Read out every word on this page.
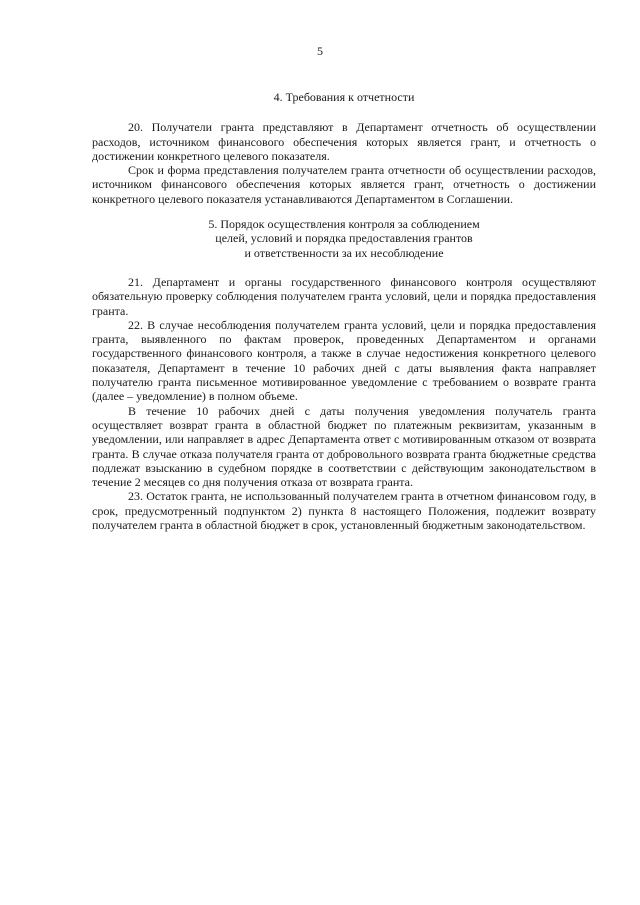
5

4. Требования к отчетности

20. Получатели гранта представляют в Департамент отчетность об осуществлении расходов, источником финансового обеспечения которых является грант, и отчетность о достижении конкретного целевого показателя.

Срок и форма представления получателем гранта отчетности об осуществлении расходов, источником финансового обеспечения которых является грант, отчетность о достижении конкретного целевого показателя устанавливаются Департаментом в Соглашении.

5. Порядок осуществления контроля за соблюдением
целей, условий и порядка предоставления грантов
и ответственности за их несоблюдение

21. Департамент и органы государственного финансового контроля осуществляют обязательную проверку соблюдения получателем гранта условий, цели и порядка предоставления гранта.

22. В случае несоблюдения получателем гранта условий, цели и порядка предоставления гранта, выявленного по фактам проверок, проведенных Департаментом и органами государственного финансового контроля, а также в случае недостижения конкретного целевого показателя, Департамент в течение 10 рабочих дней с даты выявления факта направляет получателю гранта письменное мотивированное уведомление с требованием о возврате гранта (далее – уведомление) в полном объеме.

В течение 10 рабочих дней с даты получения уведомления получатель гранта осуществляет возврат гранта в областной бюджет по платежным реквизитам, указанным в уведомлении, или направляет в адрес Департамента ответ с мотивированным отказом от возврата гранта. В случае отказа получателя гранта от добровольного возврата гранта бюджетные средства подлежат взысканию в судебном порядке в соответствии с действующим законодательством в течение 2 месяцев со дня получения отказа от возврата гранта.

23. Остаток гранта, не использованный получателем гранта в отчетном финансовом году, в срок, предусмотренный подпунктом 2) пункта 8 настоящего Положения, подлежит возврату получателем гранта в областной бюджет в срок, установленный бюджетным законодательством.
